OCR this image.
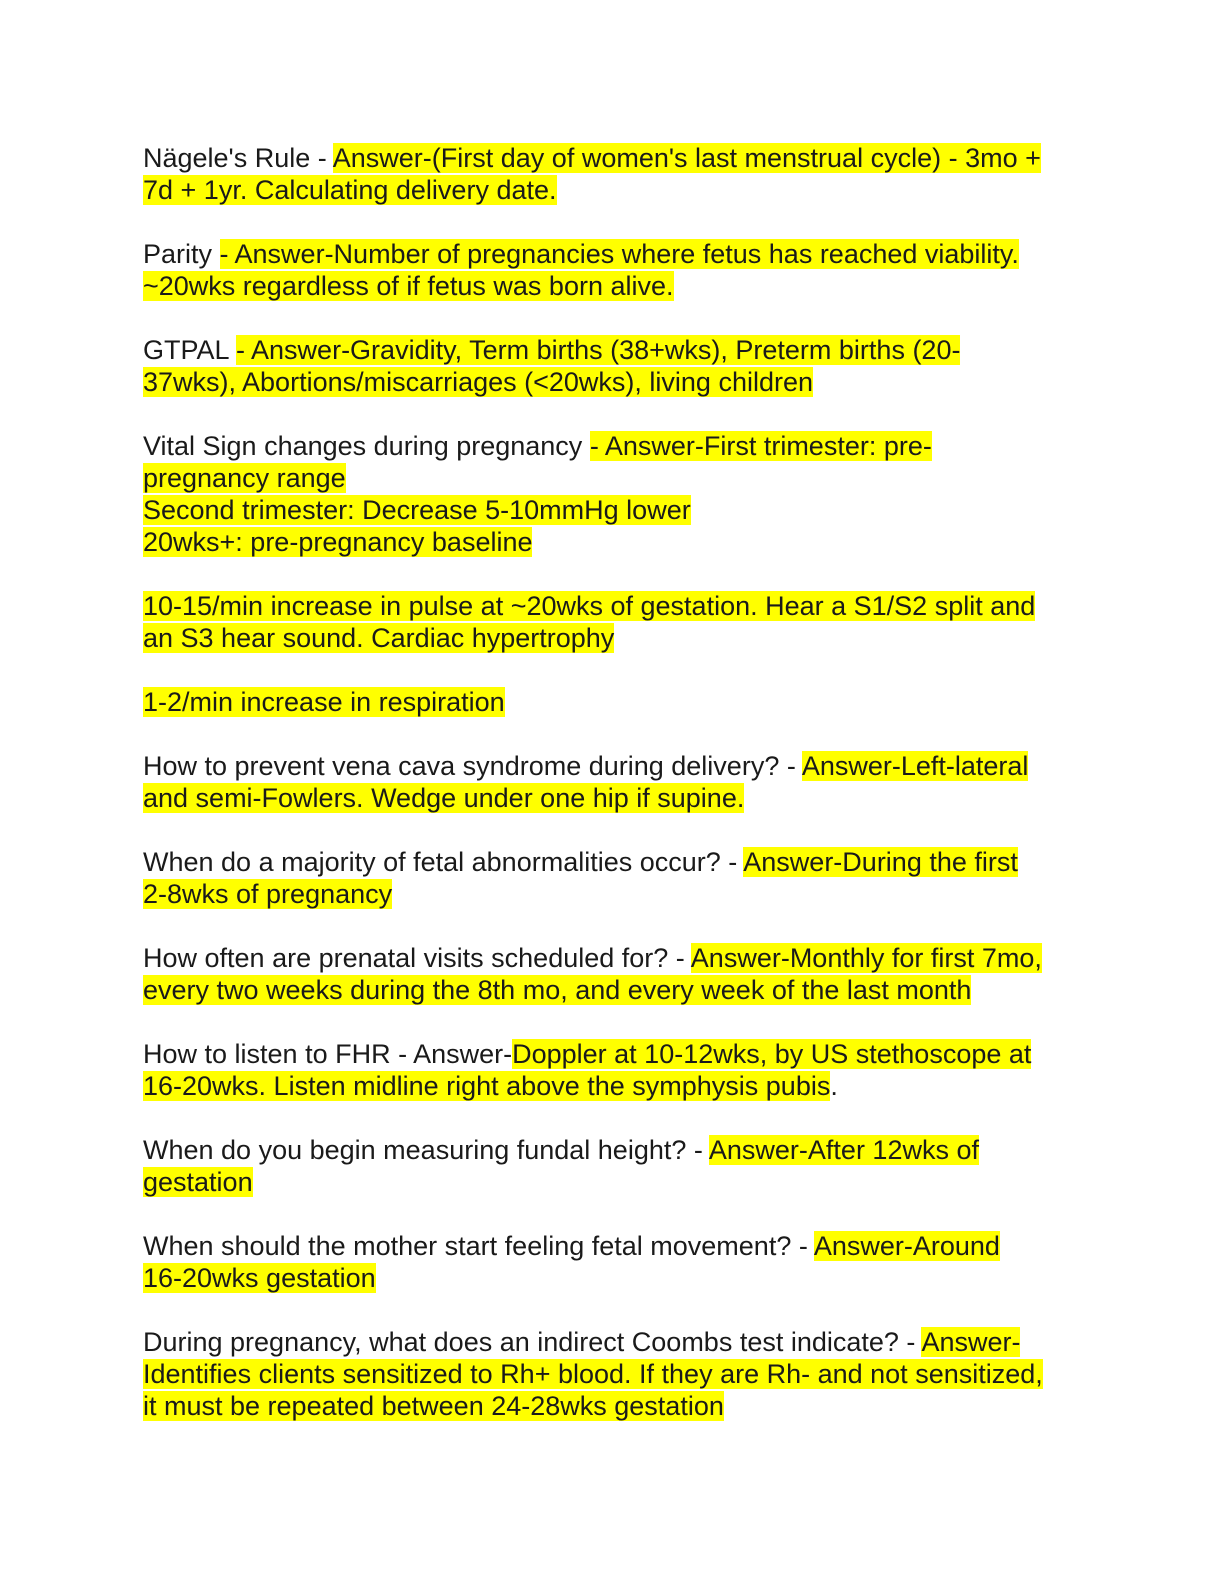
Nägele's Rule - Answer-(First day of women's last menstrual cycle) - 3mo +
7d + 1yr. Calculating delivery date.
Parity - Answer-Number of pregnancies where fetus has reached viability.
~20wks regardless of if fetus was born alive.
GTPAL - Answer-Gravidity, Term births (38+wks), Preterm births (20-
37wks), Abortions/miscarriages (<20wks), living children
Vital Sign changes during pregnancy - Answer-First trimester: pre-
pregnancy range
Second trimester: Decrease 5-10mmHg lower
20wks+: pre-pregnancy baseline
10-15/min increase in pulse at ~20wks of gestation. Hear a S1/S2 split and
an S3 hear sound. Cardiac hypertrophy
1-2/min increase in respiration
How to prevent vena cava syndrome during delivery? - Answer-Left-lateral
and semi-Fowlers. Wedge under one hip if supine.
When do a majority of fetal abnormalities occur? - Answer-During the first
2-8wks of pregnancy
How often are prenatal visits scheduled for? - Answer-Monthly for first 7mo,
every two weeks during the 8th mo, and every week of the last month
How to listen to FHR - Answer-Doppler at 10-12wks, by US stethoscope at
16-20wks. Listen midline right above the symphysis pubis.
When do you begin measuring fundal height? - Answer-After 12wks of
gestation
When should the mother start feeling fetal movement? - Answer-Around
16-20wks gestation
During pregnancy, what does an indirect Coombs test indicate? - Answer-
Identifies clients sensitized to Rh+ blood. If they are Rh- and not sensitized,
it must be repeated between 24-28wks gestation
